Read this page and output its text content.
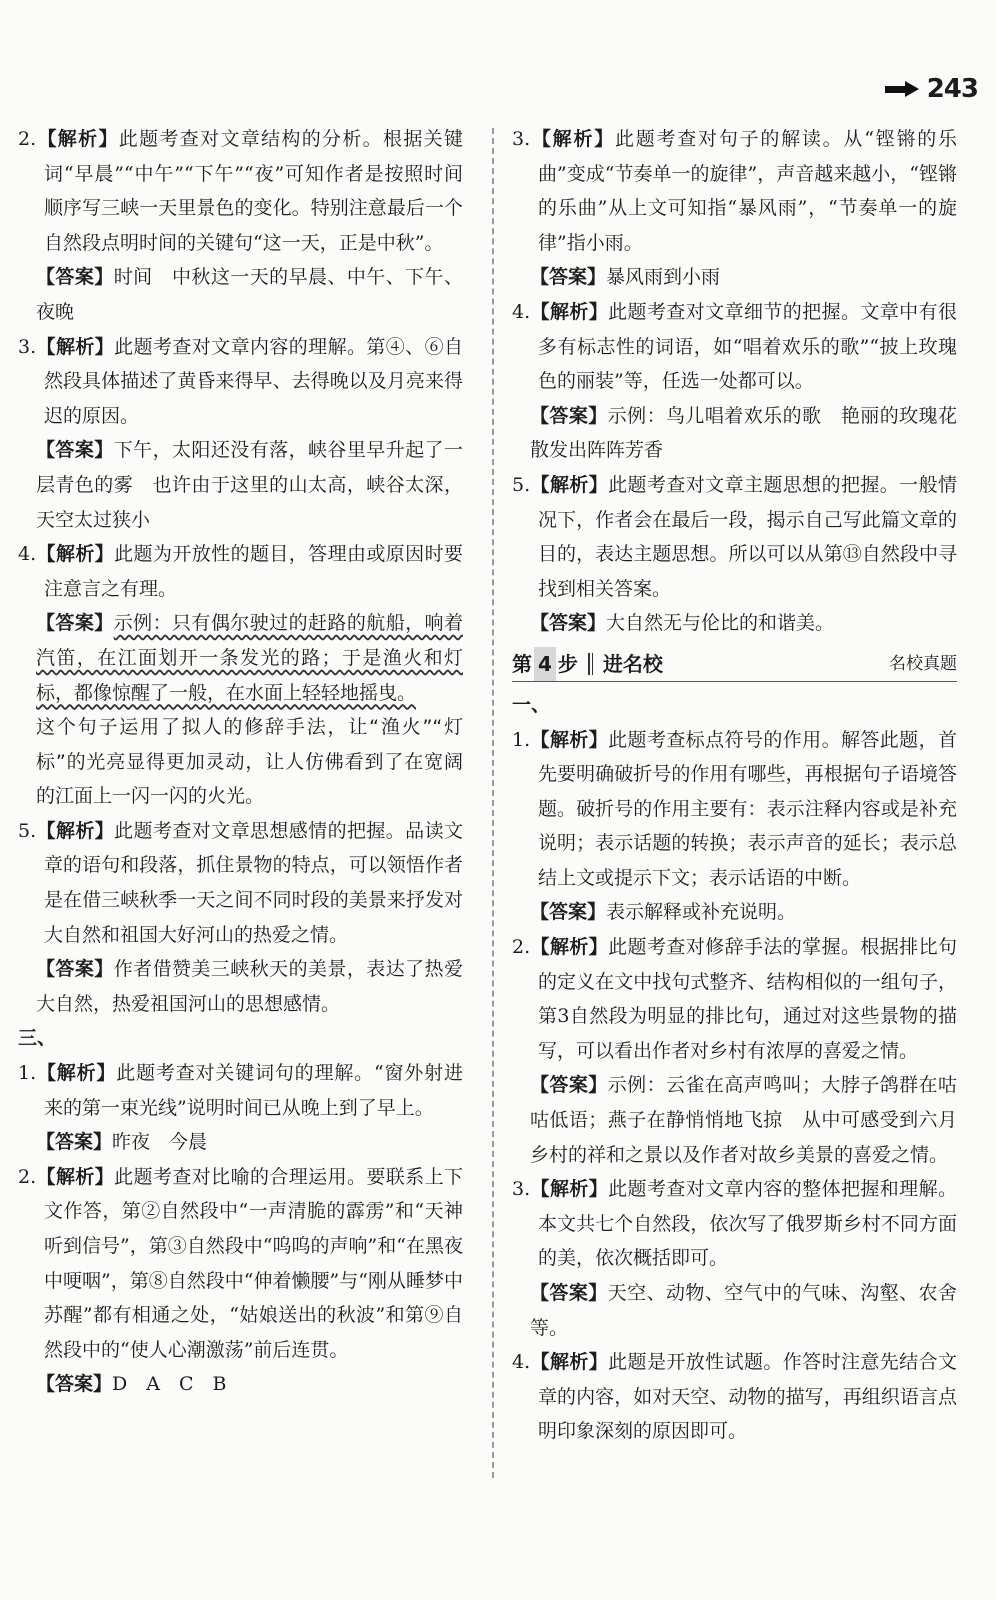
243
2.【解析】此题考查对文章结构的分析。根据关键词“早晨”“中午”“下午”“夜”可知作者是按照时间顺序写三峡一天里景色的变化。特别注意最后一个自然段点明时间的关键句“这一天，正是中秋”。
【答案】时间　中秋这一天的早晨、中午、下午、夜晚
3.【解析】此题考查对文章内容的理解。第④、⑥自然段具体描述了黄昏来得早、去得晚以及月亮来得迟的原因。
【答案】下午，太阳还没有落，峡谷里早升起了一层青色的雾　也许由于这里的山太高，峡谷太深，天空太过狭小
4.【解析】此题为开放性的题目，答理由或原因时要注意言之有理。
【答案】示例：只有偶尔驶过的赶路的航船，响着汽笛，在江面划开一条发光的路；于是渔火和灯标，都像惊醒了一般，在水面上轻轻地摇曳。
这个句子运用了拟人的修辞手法，让“渔火”“灯标”的光亮显得更加灵动，让人仿佛看到了在宽阔的江面上一闪一闪的火光。
5.【解析】此题考查对文章思想感情的把握。品读文章的语句和段落，抓住景物的特点，可以领悟作者是在借三峡秋季一天之间不同时段的美景来抒发对大自然和祖国大好河山的热爱之情。
【答案】作者借赞美三峡秋天的美景，表达了热爱大自然，热爱祖国河山的思想感情。
三、
1.【解析】此题考查对关键词句的理解。“窗外射进来的第一束光线”说明时间已从晚上到了早上。
【答案】昨夜　今晨
2.【解析】此题考查对比喻的合理运用。要联系上下文作答，第②自然段中“一声清脆的霹雳”和“天神听到信号”，第③自然段中“呜呜的声响”和“在黑夜中哽咽”，第⑧自然段中“伸着懒腰”与“刚从睡梦中苏醒”都有相通之处，“姑娘送出的秋波”和第⑨自然段中的“使人心潮激荡”前后连贯。
【答案】D　A　C　B
3.【解析】此题考查对句子的解读。从“铿锵的乐曲”变成“节奏单一的旋律”，声音越来越小，“铿锵的乐曲”从上文可知指“暴风雨”，“节奏单一的旋律”指小雨。
【答案】暴风雨到小雨
4.【解析】此题考查对文章细节的把握。文章中有很多有标志性的词语，如“唱着欢乐的歌”“披上玫瑰色的丽装”等，任选一处都可以。
【答案】示例：鸟儿唱着欢乐的歌　艳丽的玫瑰花散发出阵阵芳香
5.【解析】此题考查对文章主题思想的把握。一般情况下，作者会在最后一段，揭示自己写此篇文章的目的，表达主题思想。所以可以从第⑬自然段中寻找到相关答案。
【答案】大自然无与伦比的和谐美。
第 4 步 进名校	名校真题
一、
1.【解析】此题考查标点符号的作用。解答此题，首先要明确破折号的作用有哪些，再根据句子语境答题。破折号的作用主要有：表示注释内容或是补充说明；表示话题的转换；表示声音的延长；表示总结上文或提示下文；表示话语的中断。
【答案】表示解释或补充说明。
2.【解析】此题考查对修辞手法的掌握。根据排比句的定义在文中找句式整齐、结构相似的一组句子，第3自然段为明显的排比句，通过对这些景物的描写，可以看出作者对乡村有浓厚的喜爱之情。
【答案】示例：云雀在高声鸣叫；大脖子鸽群在咕咕低语；燕子在静悄悄地飞掠　从中可感受到六月乡村的祥和之景以及作者对故乡美景的喜爱之情。
3.【解析】此题考查对文章内容的整体把握和理解。本文共七个自然段，依次写了俄罗斯乡村不同方面的美，依次概括即可。
【答案】天空、动物、空气中的气味、沟壑、农舍等。
4.【解析】此题是开放性试题。作答时注意先结合文章的内容，如对天空、动物的描写，再组织语言点明印象深刻的原因即可。
